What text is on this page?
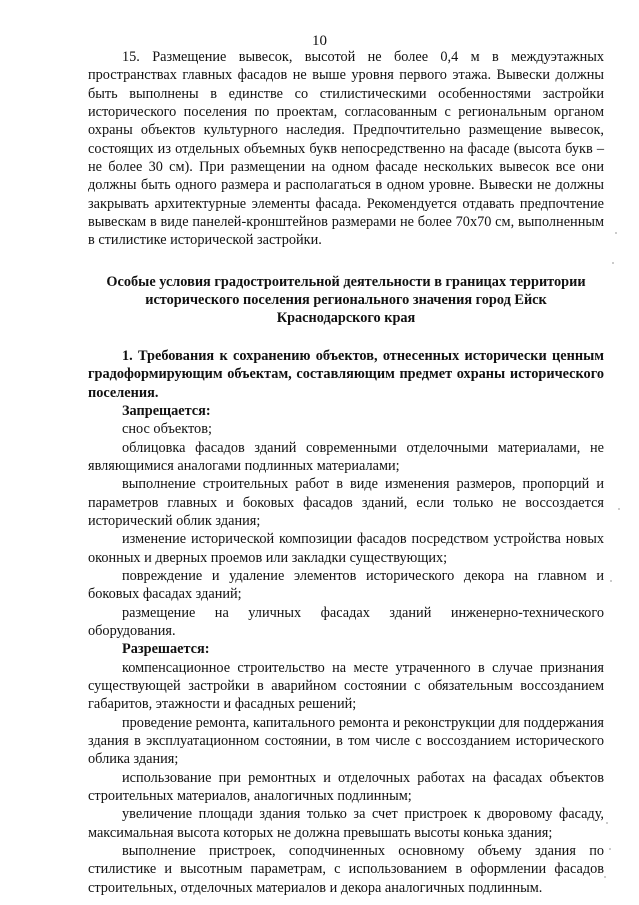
10

15. Размещение вывесок, высотой не более 0,4 м в междуэтажных пространствах главных фасадов не выше уровня первого этажа. Вывески должны быть выполнены в единстве со стилистическими особенностями застройки исторического поселения по проектам, согласованным с региональным органом охраны объектов культурного наследия. Предпочтительно размещение вывесок, состоящих из отдельных объемных букв непосредственно на фасаде (высота букв – не более 30 см). При размещении на одном фасаде нескольких вывесок все они должны быть одного размера и располагаться в одном уровне. Вывески не должны закрывать архитектурные элементы фасада. Рекомендуется отдавать предпочтение вывескам в виде панелей-кронштейнов размерами не более 70х70 см, выполненным в стилистике исторической застройки.

Особые условия градостроительной деятельности в границах территории
исторического поселения регионального значения город Ейск
Краснодарского края

1. Требования к сохранению объектов, отнесенных исторически ценным градоформирующим объектам, составляющим предмет охраны исторического поселения.

Запрещается:

снос объектов;

облицовка фасадов зданий современными отделочными материалами, не являющимися аналогами подлинных материалами;

выполнение строительных работ в виде изменения размеров, пропорций и параметров главных и боковых фасадов зданий, если только не воссоздается исторический облик здания;

изменение исторической композиции фасадов посредством устройства новых оконных и дверных проемов или закладки существующих;

повреждение и удаление элементов исторического декора на главном и боковых фасадах зданий;

размещение на уличных фасадах зданий инженерно-технического оборудования.

Разрешается:

компенсационное строительство на месте утраченного в случае признания существующей застройки в аварийном состоянии с обязательным воссозданием габаритов, этажности и фасадных решений;

проведение ремонта, капитального ремонта и реконструкции для поддержания здания в эксплуатационном состоянии, в том числе с воссозданием исторического облика здания;

использование при ремонтных и отделочных работах на фасадах объектов строительных материалов, аналогичных подлинным;

увеличение площади здания только за счет пристроек к дворовому фасаду, максимальная высота которых не должна превышать высоты конька здания;

выполнение пристроек, соподчиненных основному объему здания по стилистике и высотным параметрам, с использованием в оформлении фасадов строительных, отделочных материалов и декора аналогичных подлинным.
